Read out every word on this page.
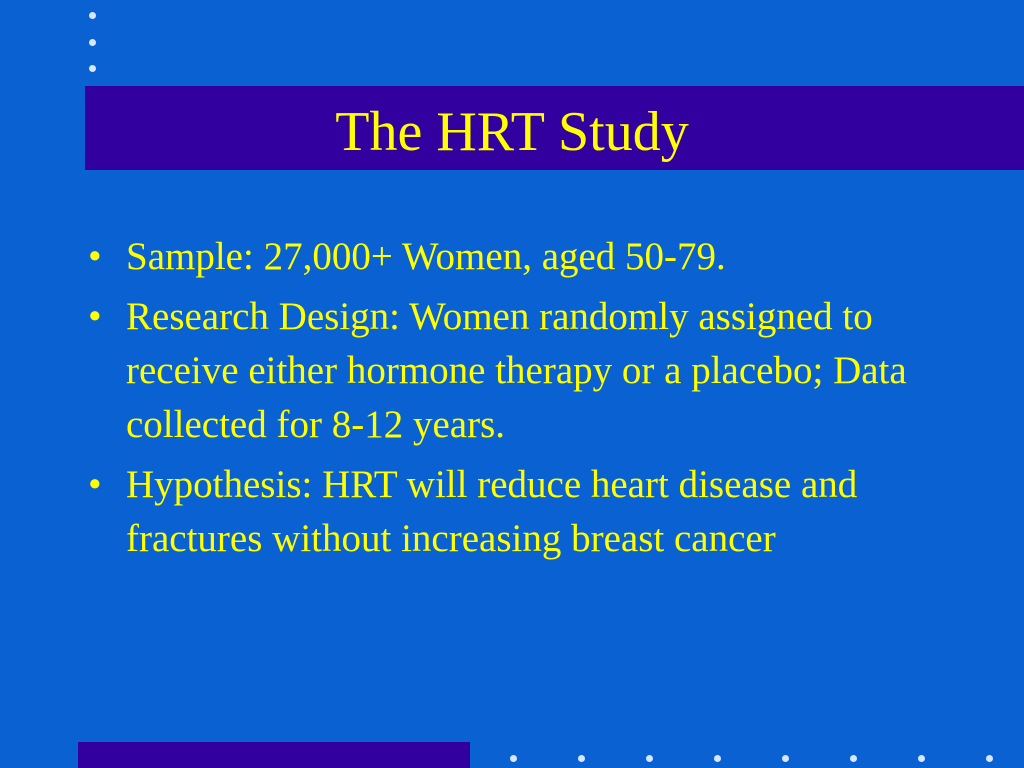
The HRT Study
• Sample: 27,000+ Women, aged 50-79.
• Research Design: Women randomly assigned to receive either hormone therapy or a placebo; Data collected for 8-12 years.
• Hypothesis: HRT will reduce heart disease and fractures without increasing breast cancer
